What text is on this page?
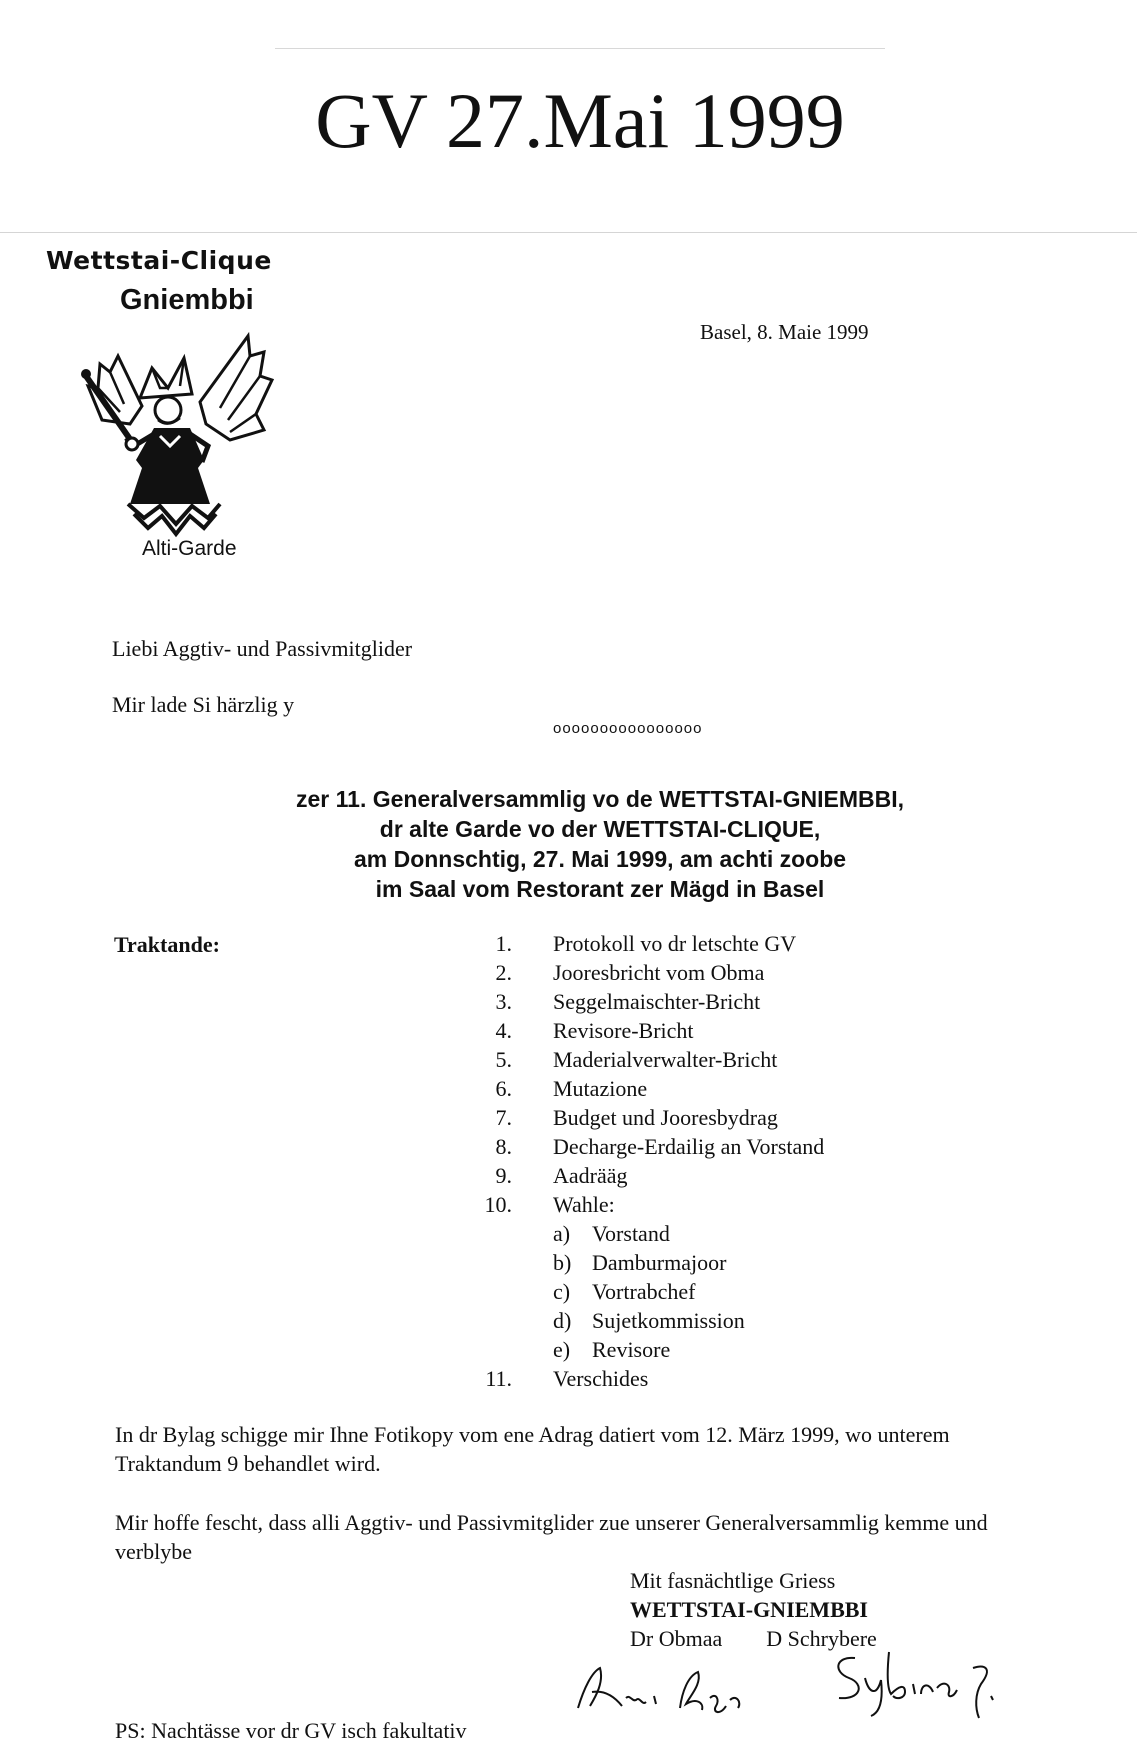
GV 27.Mai 1999
Wettstai-Clique
Gniembbi
Alti-Garde
Basel, 8. Maie 1999
Liebi Aggtiv- und Passivmitglider
Mir lade Si härzlig y
oooooooooooooooo
zer 11. Generalversammlig vo de WETTSTAI-GNIEMBBI,
dr alte Garde vo der WETTSTAI-CLIQUE,
am Donnschtig, 27. Mai 1999, am achti zoobe
im Saal vom Restorant zer Mägd in Basel
Traktande:	1. Protokoll vo dr letschte GV
2. Jooresbricht vom Obma
3. Seggelmaischter-Bricht
4. Revisore-Bricht
5. Maderialverwalter-Bricht
6. Mutazione
7. Budget und Jooresbydrag
8. Decharge-Erdailig an Vorstand
9. Aadrääg
10. Wahle:
a) Vorstand
b) Damburmajoor
c) Vortrabchef
d) Sujetkommission
e) Revisore
11. Verschides
In dr Bylag schigge mir Ihne Fotikopy vom ene Adrag datiert vom 12. März 1999, wo unterem Traktandum 9 behandlet wird.
Mir hoffe fescht, dass alli Aggtiv- und Passivmitglider zue unserer Generalversammlig kemme und verblybe
Mit fasnächtlige Griess
WETTSTAI-GNIEMBBI
Dr Obmaa        D Schrybere
PS: Nachtässe vor dr GV isch fakultativ
